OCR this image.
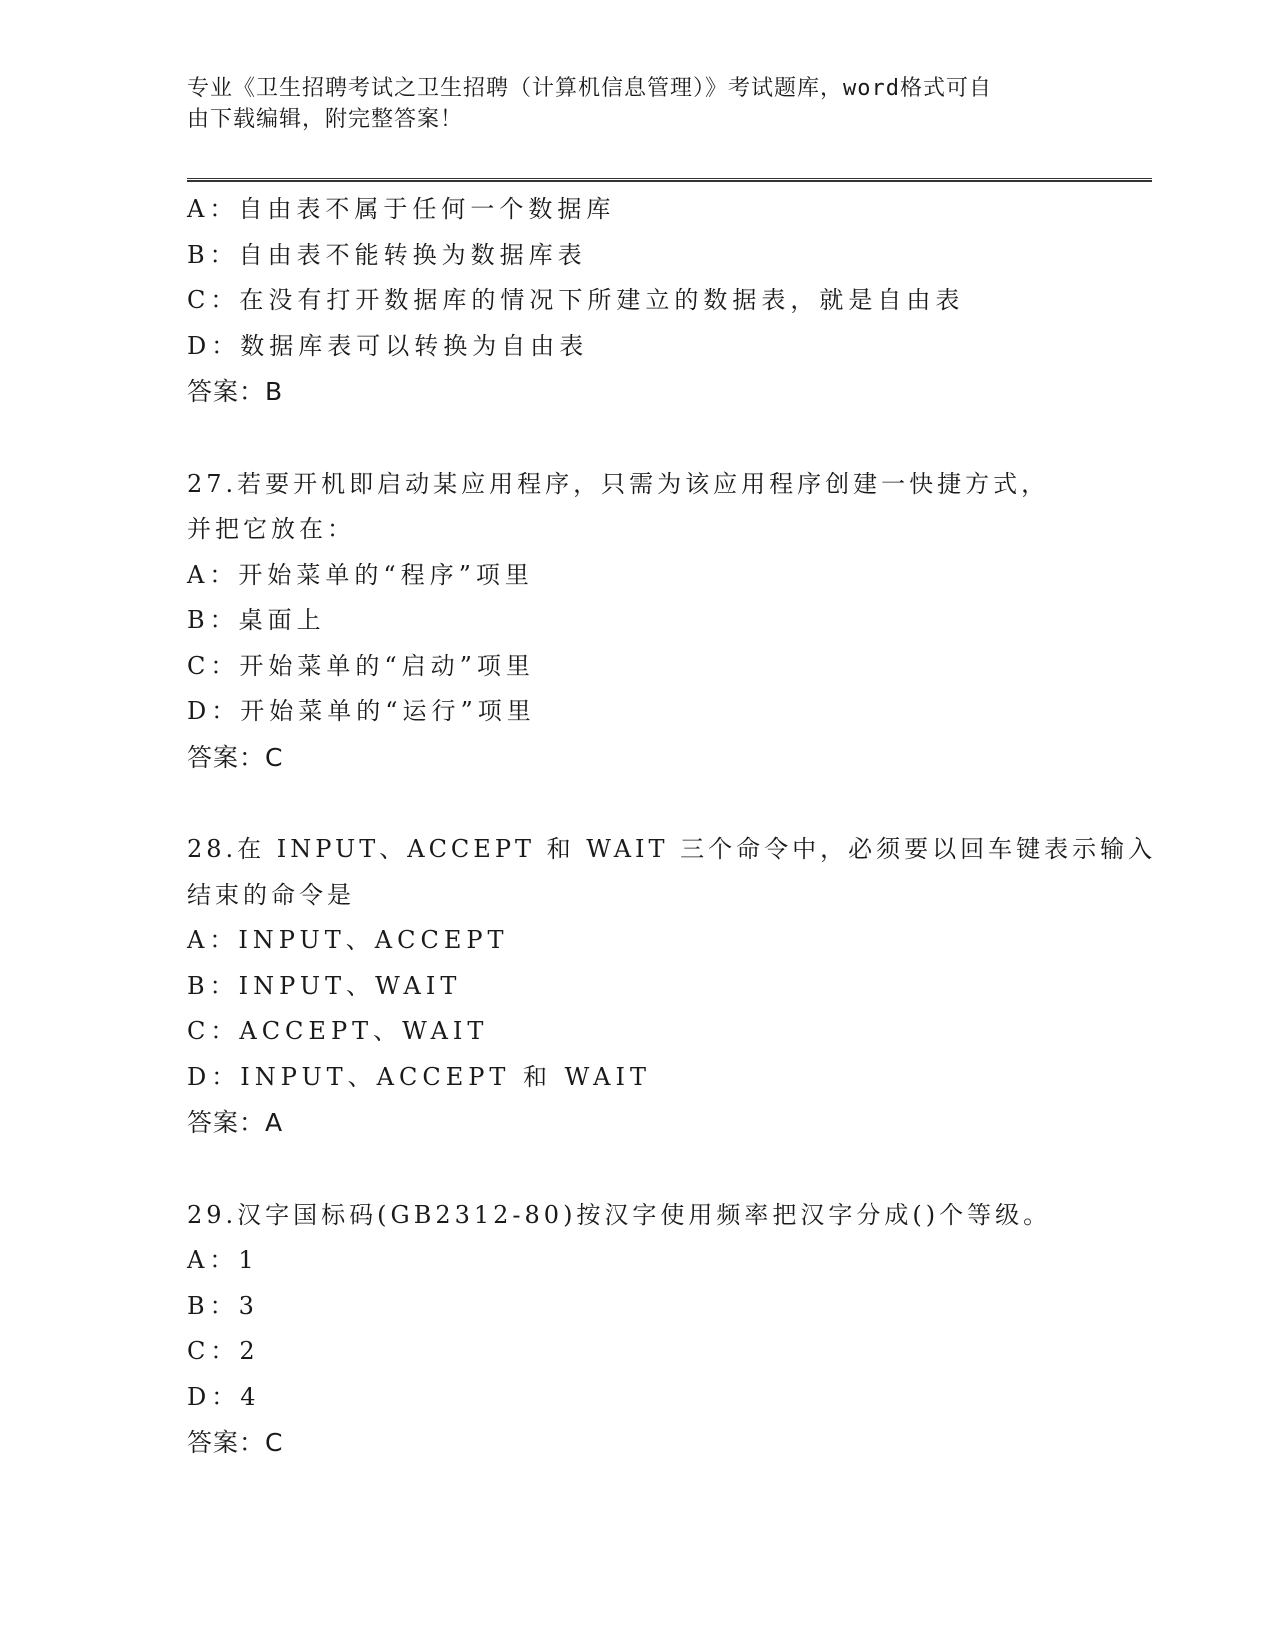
专业《卫生招聘考试之卫生招聘（计算机信息管理）》考试题库，word格式可自
由下载编辑，附完整答案！
A：自由表不属于任何一个数据库
B：自由表不能转换为数据库表
C：在没有打开数据库的情况下所建立的数据表，就是自由表
D：数据库表可以转换为自由表
答案：B
27.若要开机即启动某应用程序，只需为该应用程序创建一快捷方式，
并把它放在：
A：开始菜单的“程序”项里
B：桌面上
C：开始菜单的“启动”项里
D：开始菜单的“运行”项里
答案：C
28.在 INPUT、ACCEPT 和 WAIT 三个命令中，必须要以回车键表示输入
结束的命令是
A：INPUT、ACCEPT
B：INPUT、WAIT
C：ACCEPT、WAIT
D：INPUT、ACCEPT 和 WAIT
答案：A
29.汉字国标码(GB2312-80)按汉字使用频率把汉字分成()个等级。
A：1
B：3
C：2
D：4
答案：C
